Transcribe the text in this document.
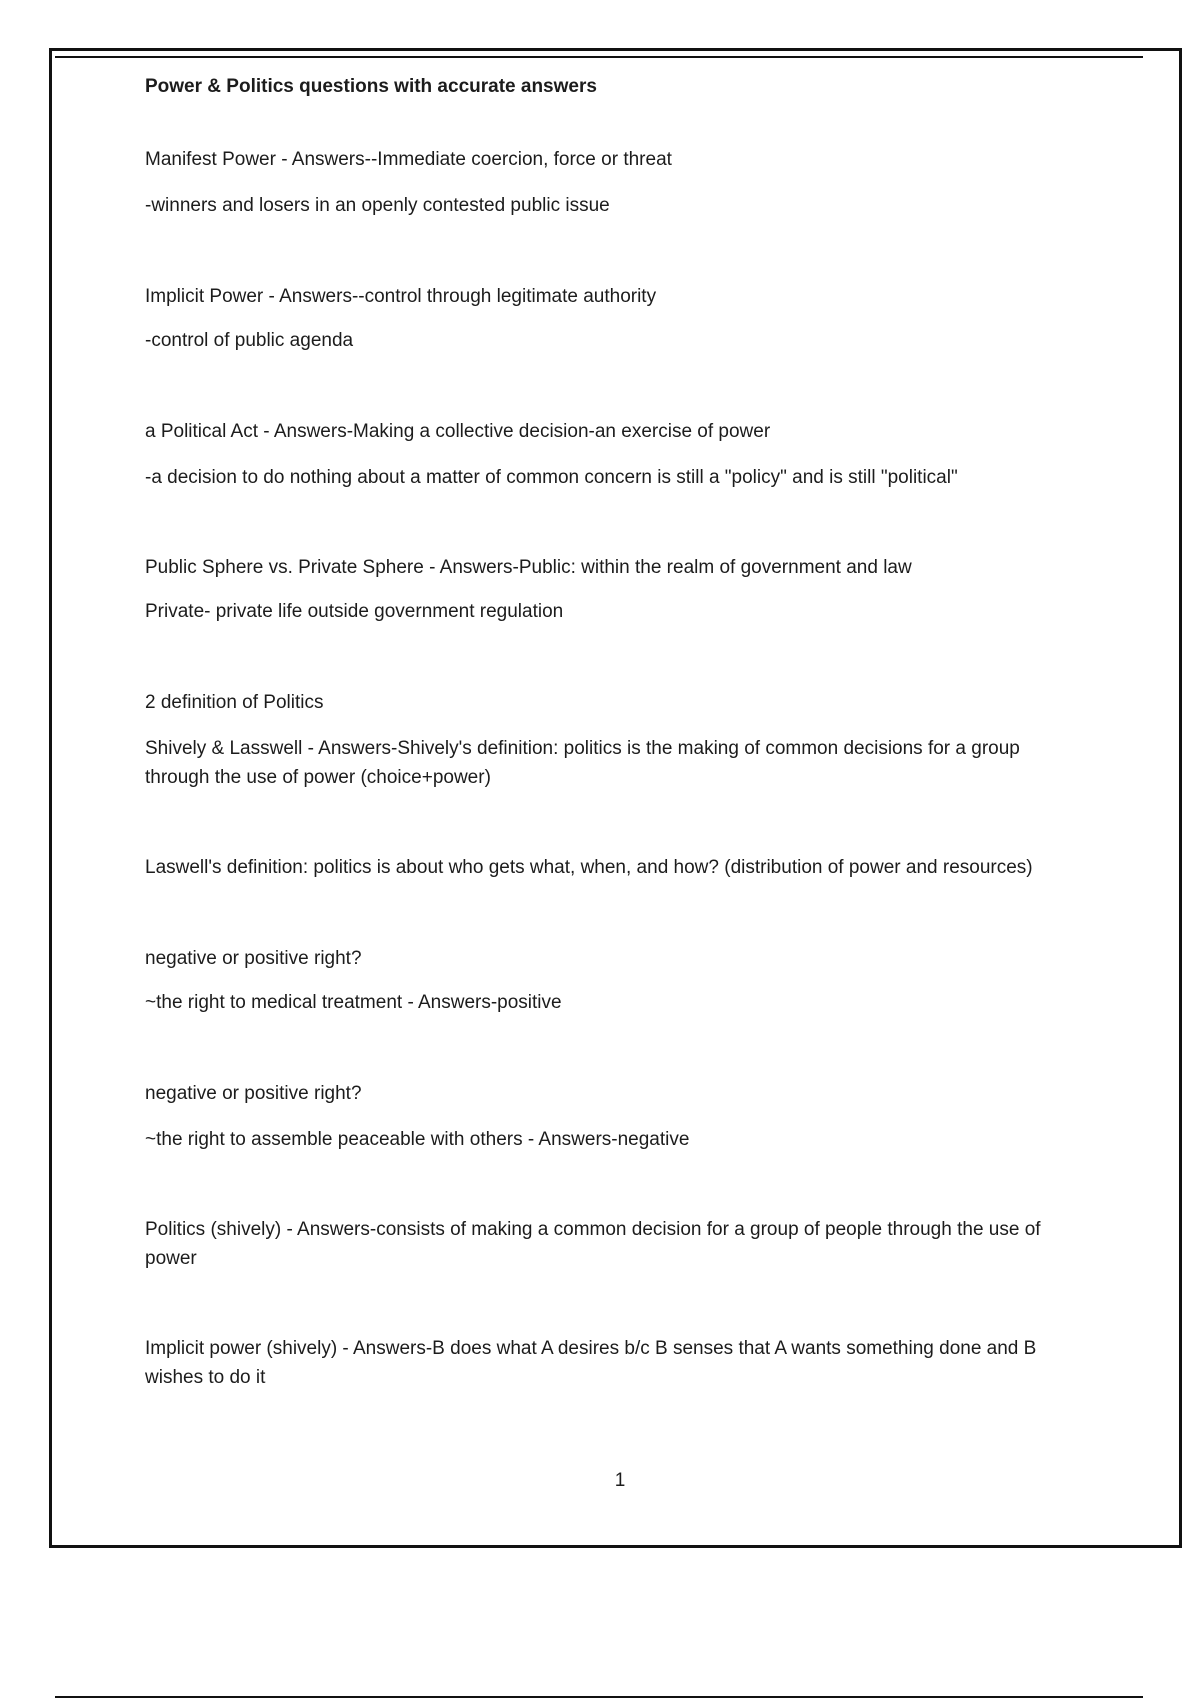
Power & Politics questions with accurate answers

Manifest Power - Answers--Immediate coercion, force or threat

-winners and losers in an openly contested public issue

Implicit Power - Answers--control through legitimate authority

-control of public agenda

a Political Act - Answers-Making a collective decision-an exercise of power

-a decision to do nothing about a matter of common concern is still a "policy" and is still "political"

Public Sphere vs. Private Sphere - Answers-Public: within the realm of government and law

Private- private life outside government regulation

2 definition of Politics

Shively & Lasswell - Answers-Shively's definition: politics is the making of common decisions for a group through the use of power (choice+power)

Laswell's definition: politics is about who gets what, when, and how? (distribution of power and resources)

negative or positive right?

~the right to medical treatment - Answers-positive

negative or positive right?

~the right to assemble peaceable with others - Answers-negative

Politics (shively) - Answers-consists of making a common decision for a group of people through the use of power

Implicit power (shively) - Answers-B does what A desires b/c B senses that A wants something done and B wishes to do it

1
